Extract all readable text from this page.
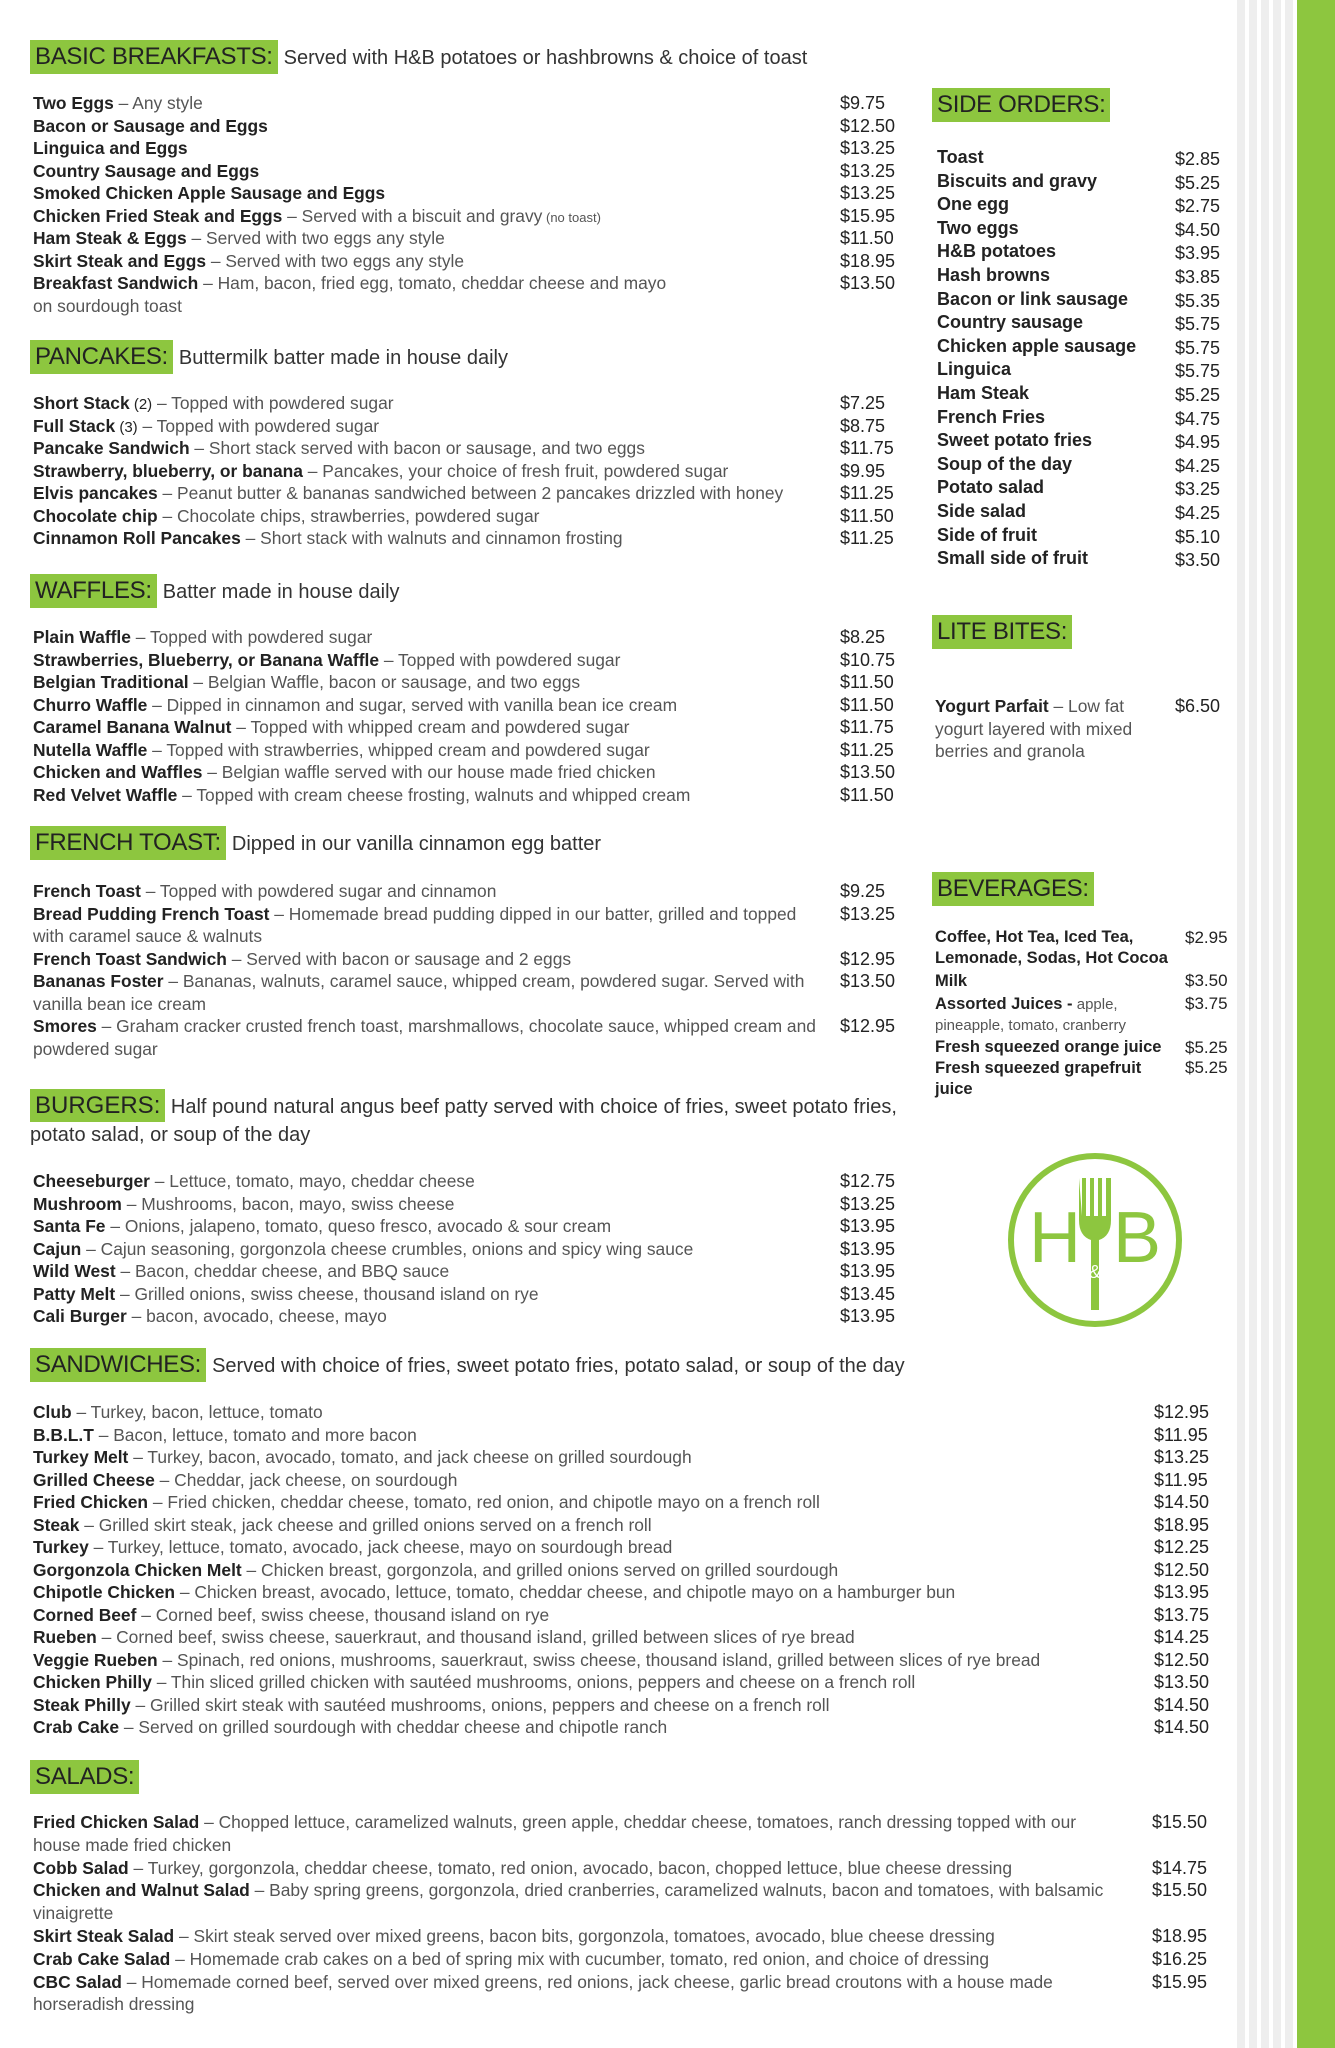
BASIC BREAKFASTS: Served with H&B potatoes or hashbrowns & choice of toast
Two Eggs – Any style	$9.75
Bacon or Sausage and Eggs	$12.50
Linguica and Eggs	$13.25
Country Sausage and Eggs	$13.25
Smoked Chicken Apple Sausage and Eggs	$13.25
Chicken Fried Steak and Eggs – Served with a biscuit and gravy (no toast)	$15.95
Ham Steak & Eggs – Served with two eggs any style	$11.50
Skirt Steak and Eggs – Served with two eggs any style	$18.95
Breakfast Sandwich – Ham, bacon, fried egg, tomato, cheddar cheese and mayo on sourdough toast
$13.50
PANCAKES: Buttermilk batter made in house daily
Short Stack (2) – Topped with powdered sugar	$7.25
Full Stack (3) – Topped with powdered sugar	$8.75
Pancake Sandwich – Short stack served with bacon or sausage, and two eggs	$11.75
Strawberry, blueberry, or banana – Pancakes, your choice of fresh fruit, powdered sugar	$9.95
Elvis pancakes – Peanut butter & bananas sandwiched between 2 pancakes drizzled with honey	$11.25
Chocolate chip – Chocolate chips, strawberries, powdered sugar	$11.50
Cinnamon Roll Pancakes – Short stack with walnuts and cinnamon frosting	$11.25
WAFFLES: Batter made in house daily
Plain Waffle – Topped with powdered sugar	$8.25
Strawberries, Blueberry, or Banana Waffle – Topped with powdered sugar	$10.75
Belgian Traditional – Belgian Waffle, bacon or sausage, and two eggs	$11.50
Churro Waffle – Dipped in cinnamon and sugar, served with vanilla bean ice cream	$11.50
Caramel Banana Walnut – Topped with whipped cream and powdered sugar	$11.75
Nutella Waffle – Topped with strawberries, whipped cream and powdered sugar	$11.25
Chicken and Waffles – Belgian waffle served with our house made fried chicken	$13.50
Red Velvet Waffle – Topped with cream cheese frosting, walnuts and whipped cream	$11.50
FRENCH TOAST: Dipped in our vanilla cinnamon egg batter
French Toast – Topped with powdered sugar and cinnamon	$9.25
Bread Pudding French Toast – Homemade bread pudding dipped in our batter, grilled and topped with caramel sauce & walnuts
$13.25
French Toast Sandwich – Served with bacon or sausage and 2 eggs	$12.95
Bananas Foster – Bananas, walnuts, caramel sauce, whipped cream, powdered sugar. Served with vanilla bean ice cream
$13.50
Smores – Graham cracker crusted french toast, marshmallows, chocolate sauce, whipped cream and powdered sugar
$12.95
BURGERS: Half pound natural angus beef patty served with choice of fries, sweet potato fries, potato salad, or soup of the day
Cheeseburger – Lettuce, tomato, mayo, cheddar cheese	$12.75
Mushroom – Mushrooms, bacon, mayo, swiss cheese	$13.25
Santa Fe – Onions, jalapeno, tomato, queso fresco, avocado & sour cream	$13.95
Cajun – Cajun seasoning, gorgonzola cheese crumbles, onions and spicy wing sauce	$13.95
Wild West – Bacon, cheddar cheese, and BBQ sauce	$13.95
Patty Melt – Grilled onions, swiss cheese, thousand island on rye	$13.45
Cali Burger – bacon, avocado, cheese, mayo	$13.95
SANDWICHES: Served with choice of fries, sweet potato fries, potato salad, or soup of the day
Club – Turkey, bacon, lettuce, tomato	$12.95
B.B.L.T – Bacon, lettuce, tomato and more bacon	$11.95
Turkey Melt – Turkey, bacon, avocado, tomato, and jack cheese on grilled sourdough	$13.25
Grilled Cheese – Cheddar, jack cheese, on sourdough	$11.95
Fried Chicken – Fried chicken, cheddar cheese, tomato, red onion, and chipotle mayo on a french roll	$14.50
Steak – Grilled skirt steak, jack cheese and grilled onions served on a french roll	$18.95
Turkey – Turkey, lettuce, tomato, avocado, jack cheese, mayo on sourdough bread	$12.25
Gorgonzola Chicken Melt – Chicken breast, gorgonzola, and grilled onions served on grilled sourdough	$12.50
Chipotle Chicken – Chicken breast, avocado, lettuce, tomato, cheddar cheese, and chipotle mayo on a hamburger bun	$13.95
Corned Beef – Corned beef, swiss cheese, thousand island on rye	$13.75
Rueben – Corned beef, swiss cheese, sauerkraut, and thousand island, grilled between slices of rye bread	$14.25
Veggie Rueben – Spinach, red onions, mushrooms, sauerkraut, swiss cheese, thousand island, grilled between slices of rye bread	$12.50
Chicken Philly – Thin sliced grilled chicken with sautéed mushrooms, onions, peppers and cheese on a french roll	$13.50
Steak Philly – Grilled skirt steak with sautéed mushrooms, onions, peppers and cheese on a french roll	$14.50
Crab Cake – Served on grilled sourdough with cheddar cheese and chipotle ranch	$14.50
SALADS:
Fried Chicken Salad – Chopped lettuce, caramelized walnuts, green apple, cheddar cheese, tomatoes, ranch dressing topped with our house made fried chicken
$15.50
Cobb Salad – Turkey, gorgonzola, cheddar cheese, tomato, red onion, avocado, bacon, chopped lettuce, blue cheese dressing	$14.75
Chicken and Walnut Salad – Baby spring greens, gorgonzola, dried cranberries, caramelized walnuts, bacon and tomatoes, with balsamic vinaigrette
$15.50
Skirt Steak Salad – Skirt steak served over mixed greens, bacon bits, gorgonzola, tomatoes, avocado, blue cheese dressing	$18.95
Crab Cake Salad – Homemade crab cakes on a bed of spring mix with cucumber, tomato, red onion, and choice of dressing	$16.25
CBC Salad – Homemade corned beef, served over mixed greens, red onions, jack cheese, garlic bread croutons with a house made horseradish dressing
$15.95
SIDE ORDERS:
Toast	$2.85
Biscuits and gravy	$5.25
One egg	$2.75
Two eggs	$4.50
H&B potatoes	$3.95
Hash browns	$3.85
Bacon or link sausage	$5.35
Country sausage	$5.75
Chicken apple sausage $5.75
Linguica	$5.75
Ham Steak	$5.25
French Fries	$4.75
Sweet potato fries	$4.95
Soup of the day	$4.25
Potato salad	$3.25
Side salad	$4.25
Side of fruit	$5.10
Small side of fruit	$3.50
LITE BITES:
Yogurt Parfait – Low fat yogurt layered with mixed berries and granola
$6.50
BEVERAGES:
Coffee, Hot Tea, Iced Tea, Lemonade, Sodas, Hot Cocoa
$2.95
Milk	$3.50
Assorted Juices - apple, pineapple, tomato, cranberry
$3.75
Fresh squeezed orange juice	$5.25
Fresh squeezed grapefruit juice
$5.25
H B
&
